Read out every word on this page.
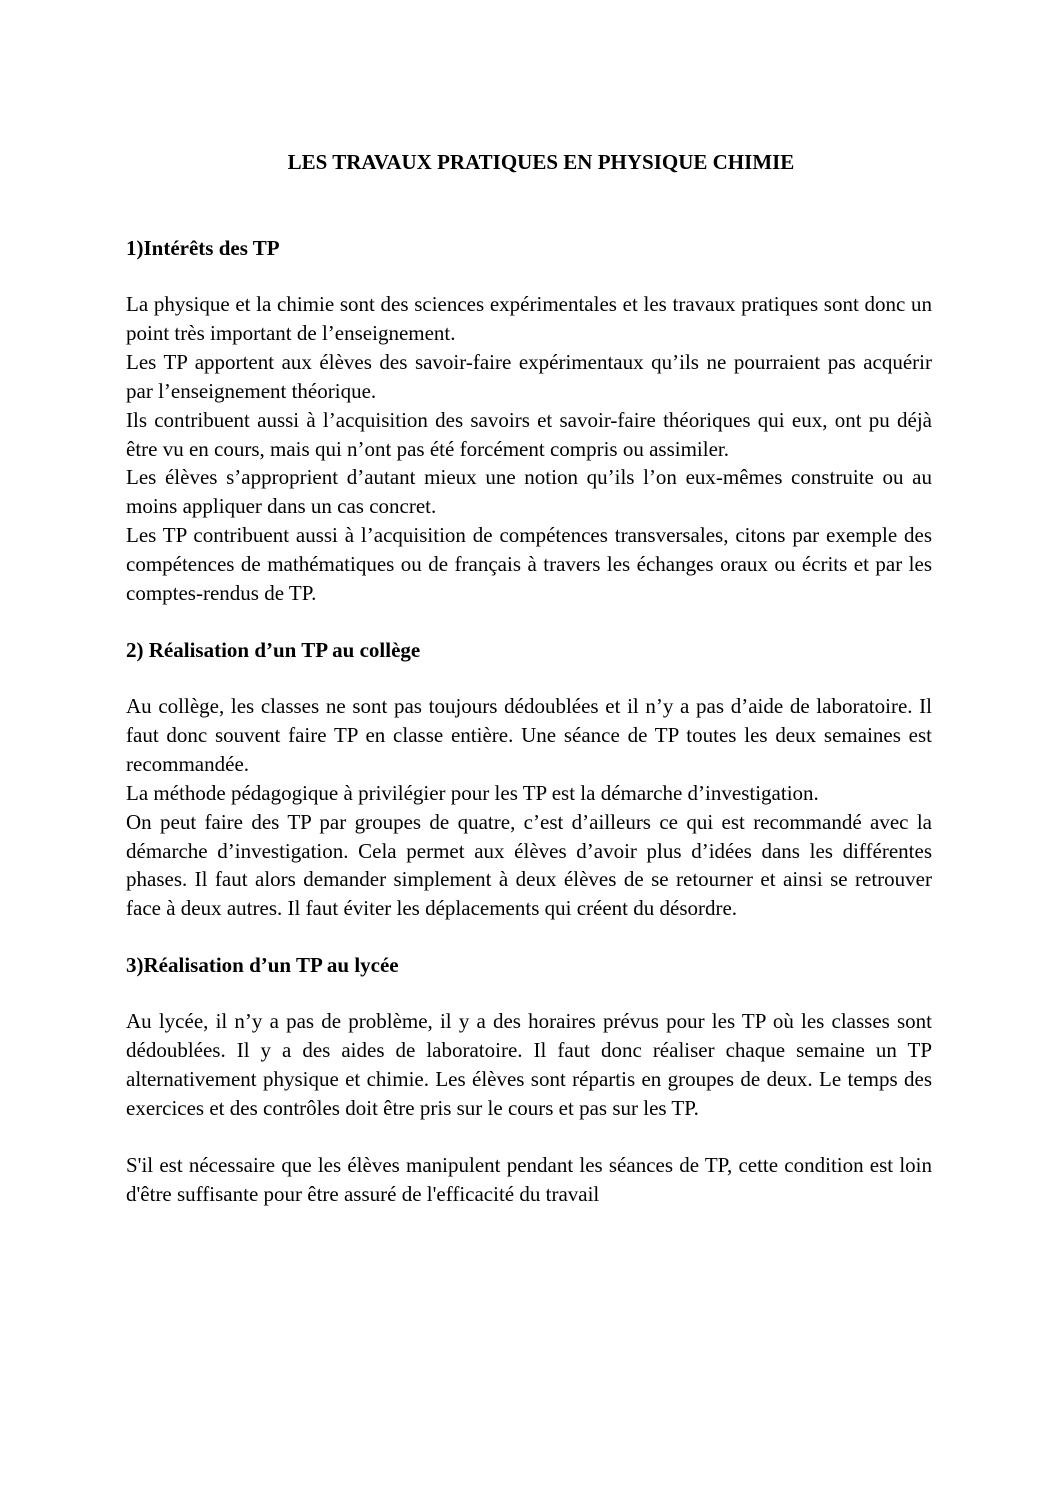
LES TRAVAUX PRATIQUES EN PHYSIQUE CHIMIE
1)Intérêts des TP

La physique et la chimie sont des sciences expérimentales et les travaux pratiques sont donc un point très important de l’enseignement.

Les TP apportent aux élèves des savoir-faire expérimentaux qu’ils ne pourraient pas acquérir par l’enseignement théorique.

Ils contribuent aussi à l’acquisition des savoirs et savoir-faire théoriques qui eux, ont pu déjà être vu en cours, mais qui n’ont pas été forcément compris ou assimiler.

Les élèves s’approprient d’autant mieux une notion qu’ils l’on eux-mêmes construite ou au moins appliquer dans un cas concret.

Les TP contribuent aussi à l’acquisition de compétences transversales, citons par exemple des compétences de mathématiques ou de français à travers les échanges oraux ou écrits et par les comptes-rendus de TP.

2) Réalisation d’un TP au collège

Au collège, les classes ne sont pas toujours dédoublées et il n’y a pas d’aide de laboratoire. Il faut donc souvent faire TP en classe entière. Une séance de TP toutes les deux semaines est recommandée.

La méthode pédagogique à privilégier pour les TP est la démarche d’investigation.

On peut faire des TP par groupes de quatre, c’est d’ailleurs ce qui est recommandé avec la démarche d’investigation. Cela permet aux élèves d’avoir plus d’idées dans les différentes phases. Il faut alors demander simplement à deux élèves de se retourner et ainsi se retrouver face à deux autres. Il faut éviter les déplacements qui créent du désordre.

3)Réalisation d’un TP au lycée

Au lycée, il n’y a pas de problème, il y a des horaires prévus pour les TP où les classes sont dédoublées. Il y a des aides de laboratoire. Il faut donc réaliser chaque semaine un TP alternativement physique et chimie. Les élèves sont répartis en groupes de deux. Le temps des exercices et des contrôles doit être pris sur le cours et pas sur les TP.

S'il est nécessaire que les élèves manipulent pendant les séances de TP, cette condition est loin d'être suffisante pour être assuré de l'efficacité du travail
